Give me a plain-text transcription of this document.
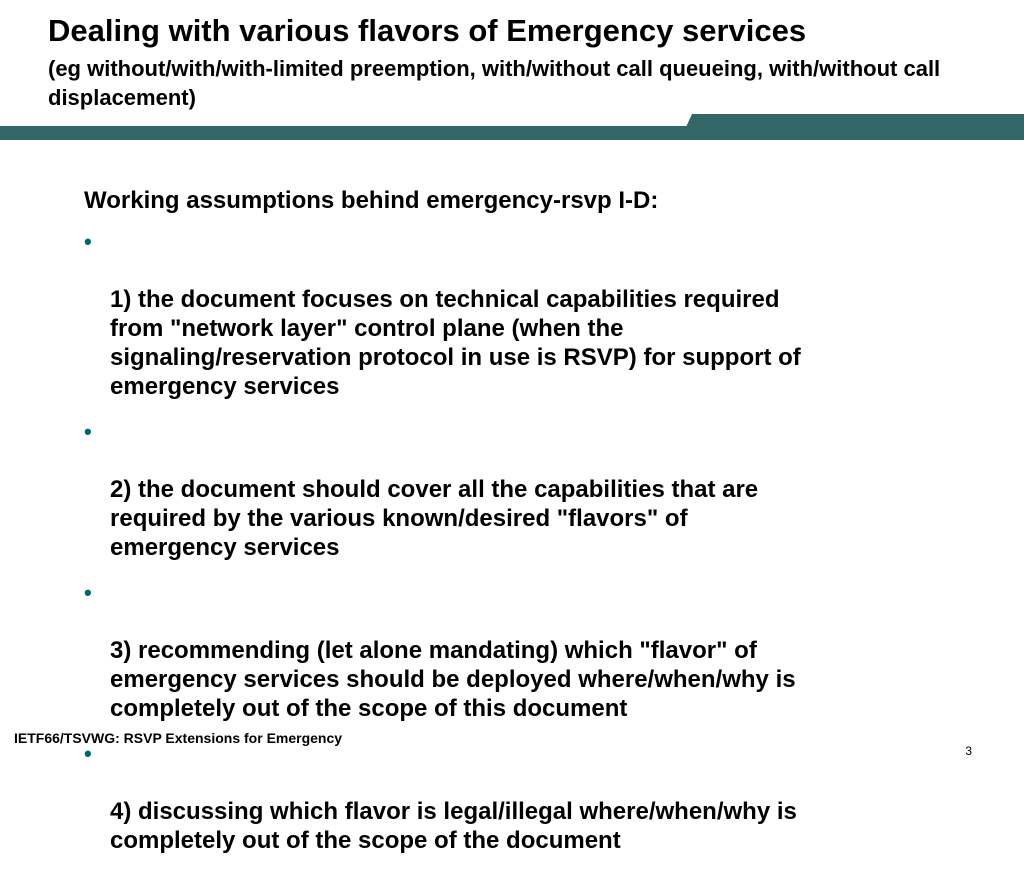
Dealing with various flavors of Emergency services

(eg without/with/with-limited preemption, with/without call queueing, with/without call displacement)

Working assumptions behind emergency-rsvp I-D:

•

1) the document focuses on technical capabilities required
from "network layer" control plane (when the
signaling/reservation protocol in use is RSVP) for support of
emergency services

•

2) the document should cover all the capabilities that are
required by the various known/desired "flavors" of
emergency services

•

3) recommending (let alone mandating) which "flavor" of
emergency services should be deployed where/when/why is
completely out of the scope of this document

•

4) discussing which flavor is legal/illegal where/when/why is
completely out of the scope of the document

IETF66/TSVWG: RSVP Extensions for Emergency
3
